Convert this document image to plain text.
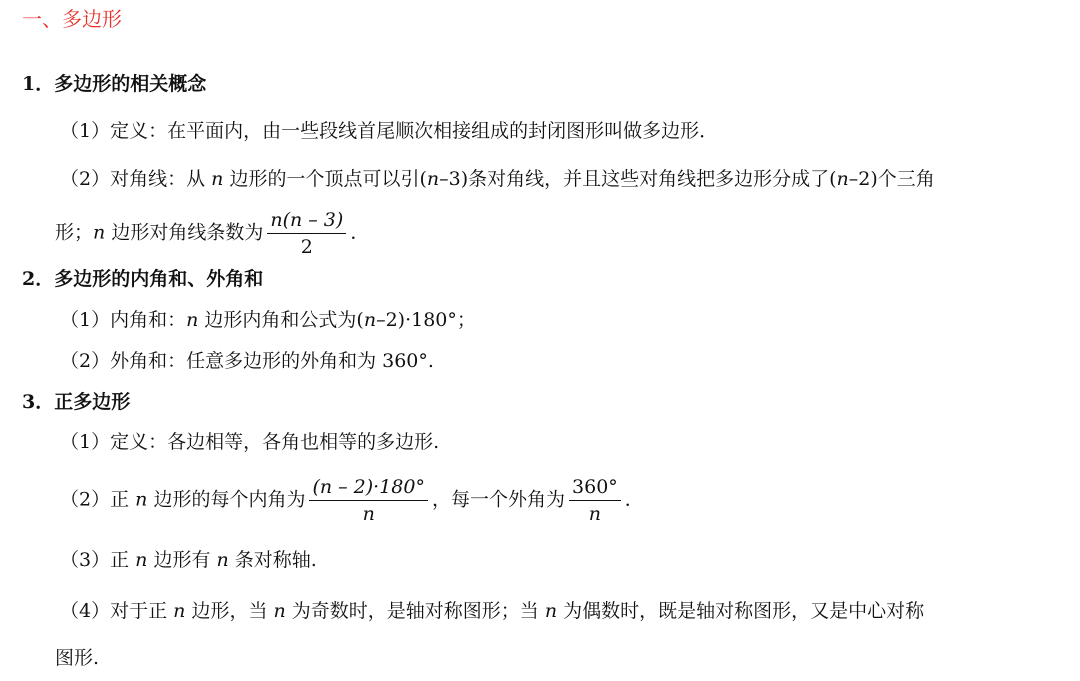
一、多边形
1．多边形的相关概念
（1）定义：在平面内，由一些段线首尾顺次相接组成的封闭图形叫做多边形．
（2）对角线：从 n 边形的一个顶点可以引(n–3)条对角线，并且这些对角线把多边形分成了(n–2)个三角
形；n 边形对角线条数为 $\frac{n(n - 3)}{2}$ ．
2．多边形的内角和、外角和
（1）内角和：n 边形内角和公式为(n–2)·180°；
（2）外角和：任意多边形的外角和为 360°.
3．正多边形
（1）定义：各边相等，各角也相等的多边形.
（2）正 n 边形的每个内角为 $\frac{(n - 2)\cdot 180^\circ}{n}$ ，每一个外角为 $\frac{360^\circ}{n}$ ．
（3）正 n 边形有 n 条对称轴.
（4）对于正 n 边形，当 n 为奇数时，是轴对称图形；当 n 为偶数时，既是轴对称图形，又是中心对称
图形.
